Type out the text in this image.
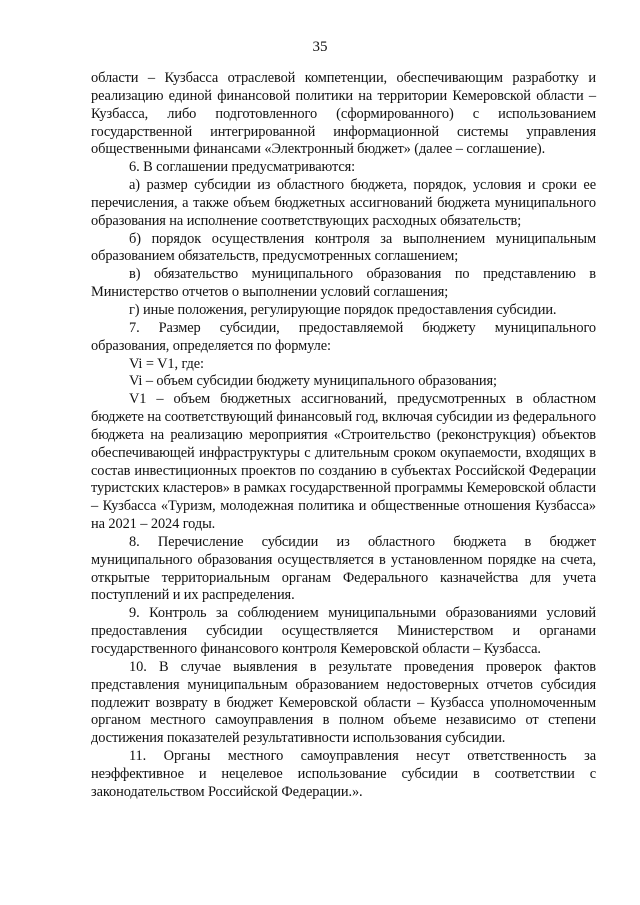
35

области – Кузбасса отраслевой компетенции, обеспечивающим разработку и реализацию единой финансовой политики на территории Кемеровской области – Кузбасса, либо подготовленного (сформированного) с использованием государственной интегрированной информационной системы управления общественными финансами «Электронный бюджет» (далее – соглашение).

6. В соглашении предусматриваются:

а) размер субсидии из областного бюджета, порядок, условия и сроки ее перечисления, а также объем бюджетных ассигнований бюджета муниципального образования на исполнение соответствующих расходных обязательств;

б) порядок осуществления контроля за выполнением муниципальным образованием обязательств, предусмотренных соглашением;

в) обязательство муниципального образования по представлению в Министерство отчетов о выполнении условий соглашения;

г) иные положения, регулирующие порядок предоставления субсидии.

7. Размер субсидии, предоставляемой бюджету муниципального образования, определяется по формуле:

Vi = V1, где:

Vi – объем субсидии бюджету муниципального образования;

V1 – объем бюджетных ассигнований, предусмотренных в областном бюджете на соответствующий финансовый год, включая субсидии из федерального бюджета на реализацию мероприятия «Строительство (реконструкция) объектов обеспечивающей инфраструктуры с длительным сроком окупаемости, входящих в состав инвестиционных проектов по созданию в субъектах Российской Федерации туристских кластеров» в рамках государственной программы Кемеровской области – Кузбасса «Туризм, молодежная политика и общественные отношения Кузбасса» на 2021 – 2024 годы.

8. Перечисление субсидии из областного бюджета в бюджет муниципального образования осуществляется в установленном порядке на счета, открытые территориальным органам Федерального казначейства для учета поступлений и их распределения.

9. Контроль за соблюдением муниципальными образованиями условий предоставления субсидии осуществляется Министерством и органами государственного финансового контроля Кемеровской области – Кузбасса.

10. В случае выявления в результате проведения проверок фактов представления муниципальным образованием недостоверных отчетов субсидия подлежит возврату в бюджет Кемеровской области – Кузбасса уполномоченным органом местного самоуправления в полном объеме независимо от степени достижения показателей результативности использования субсидии.

11. Органы местного самоуправления несут ответственность за неэффективное и нецелевое использование субсидии в соответствии с законодательством Российской Федерации.».
